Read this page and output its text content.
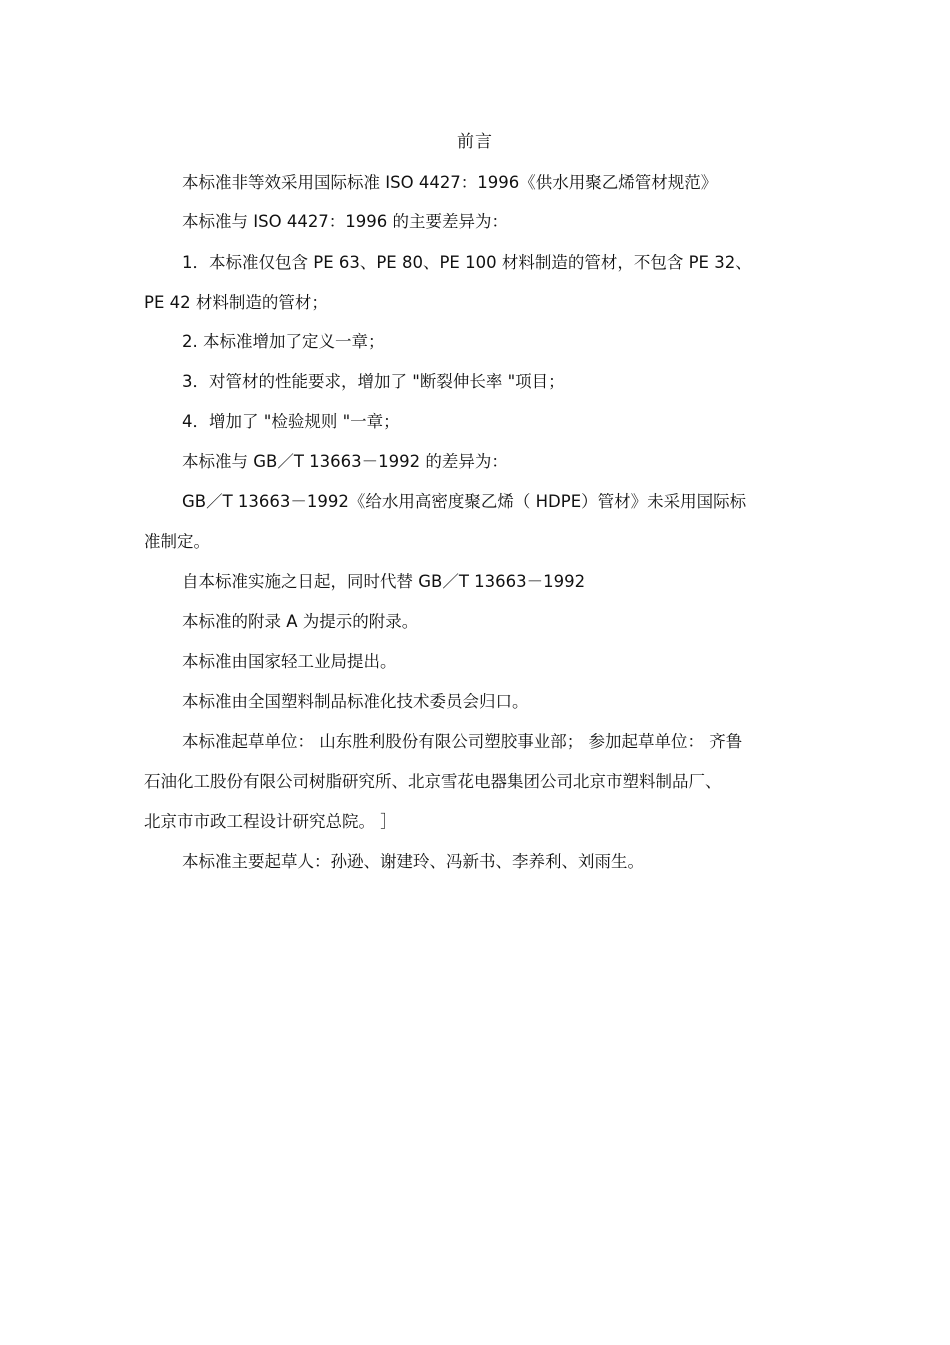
前言
本标准非等效采用国际标准 ISO 4427：1996《供水用聚乙烯管材规范》
本标准与 ISO 4427：1996 的主要差异为：
1．本标准仅包含 PE 63、PE 80、PE 100 材料制造的管材，不包含 PE 32、
PE 42 材料制造的管材；
2. 本标准增加了定义一章；
3．对管材的性能要求，增加了 "断裂伸长率 "项目；
4．增加了 "检验规则 "一章；
本标准与 GB／T 13663－1992 的差异为：
GB／T 13663－1992《给水用高密度聚乙烯（ HDPE）管材》未采用国际标
准制定。
自本标准实施之日起，同时代替 GB／T 13663－1992
本标准的附录 A 为提示的附录。
本标准由国家轻工业局提出。
本标准由全国塑料制品标准化技术委员会归口。
本标准起草单位： 山东胜利股份有限公司塑胶事业部； 参加起草单位： 齐鲁
石油化工股份有限公司树脂研究所、北京雪花电器集团公司北京市塑料制品厂、
北京市市政工程设计研究总院。 ］
本标准主要起草人：孙逊、谢建玲、冯新书、李养利、刘雨生。
